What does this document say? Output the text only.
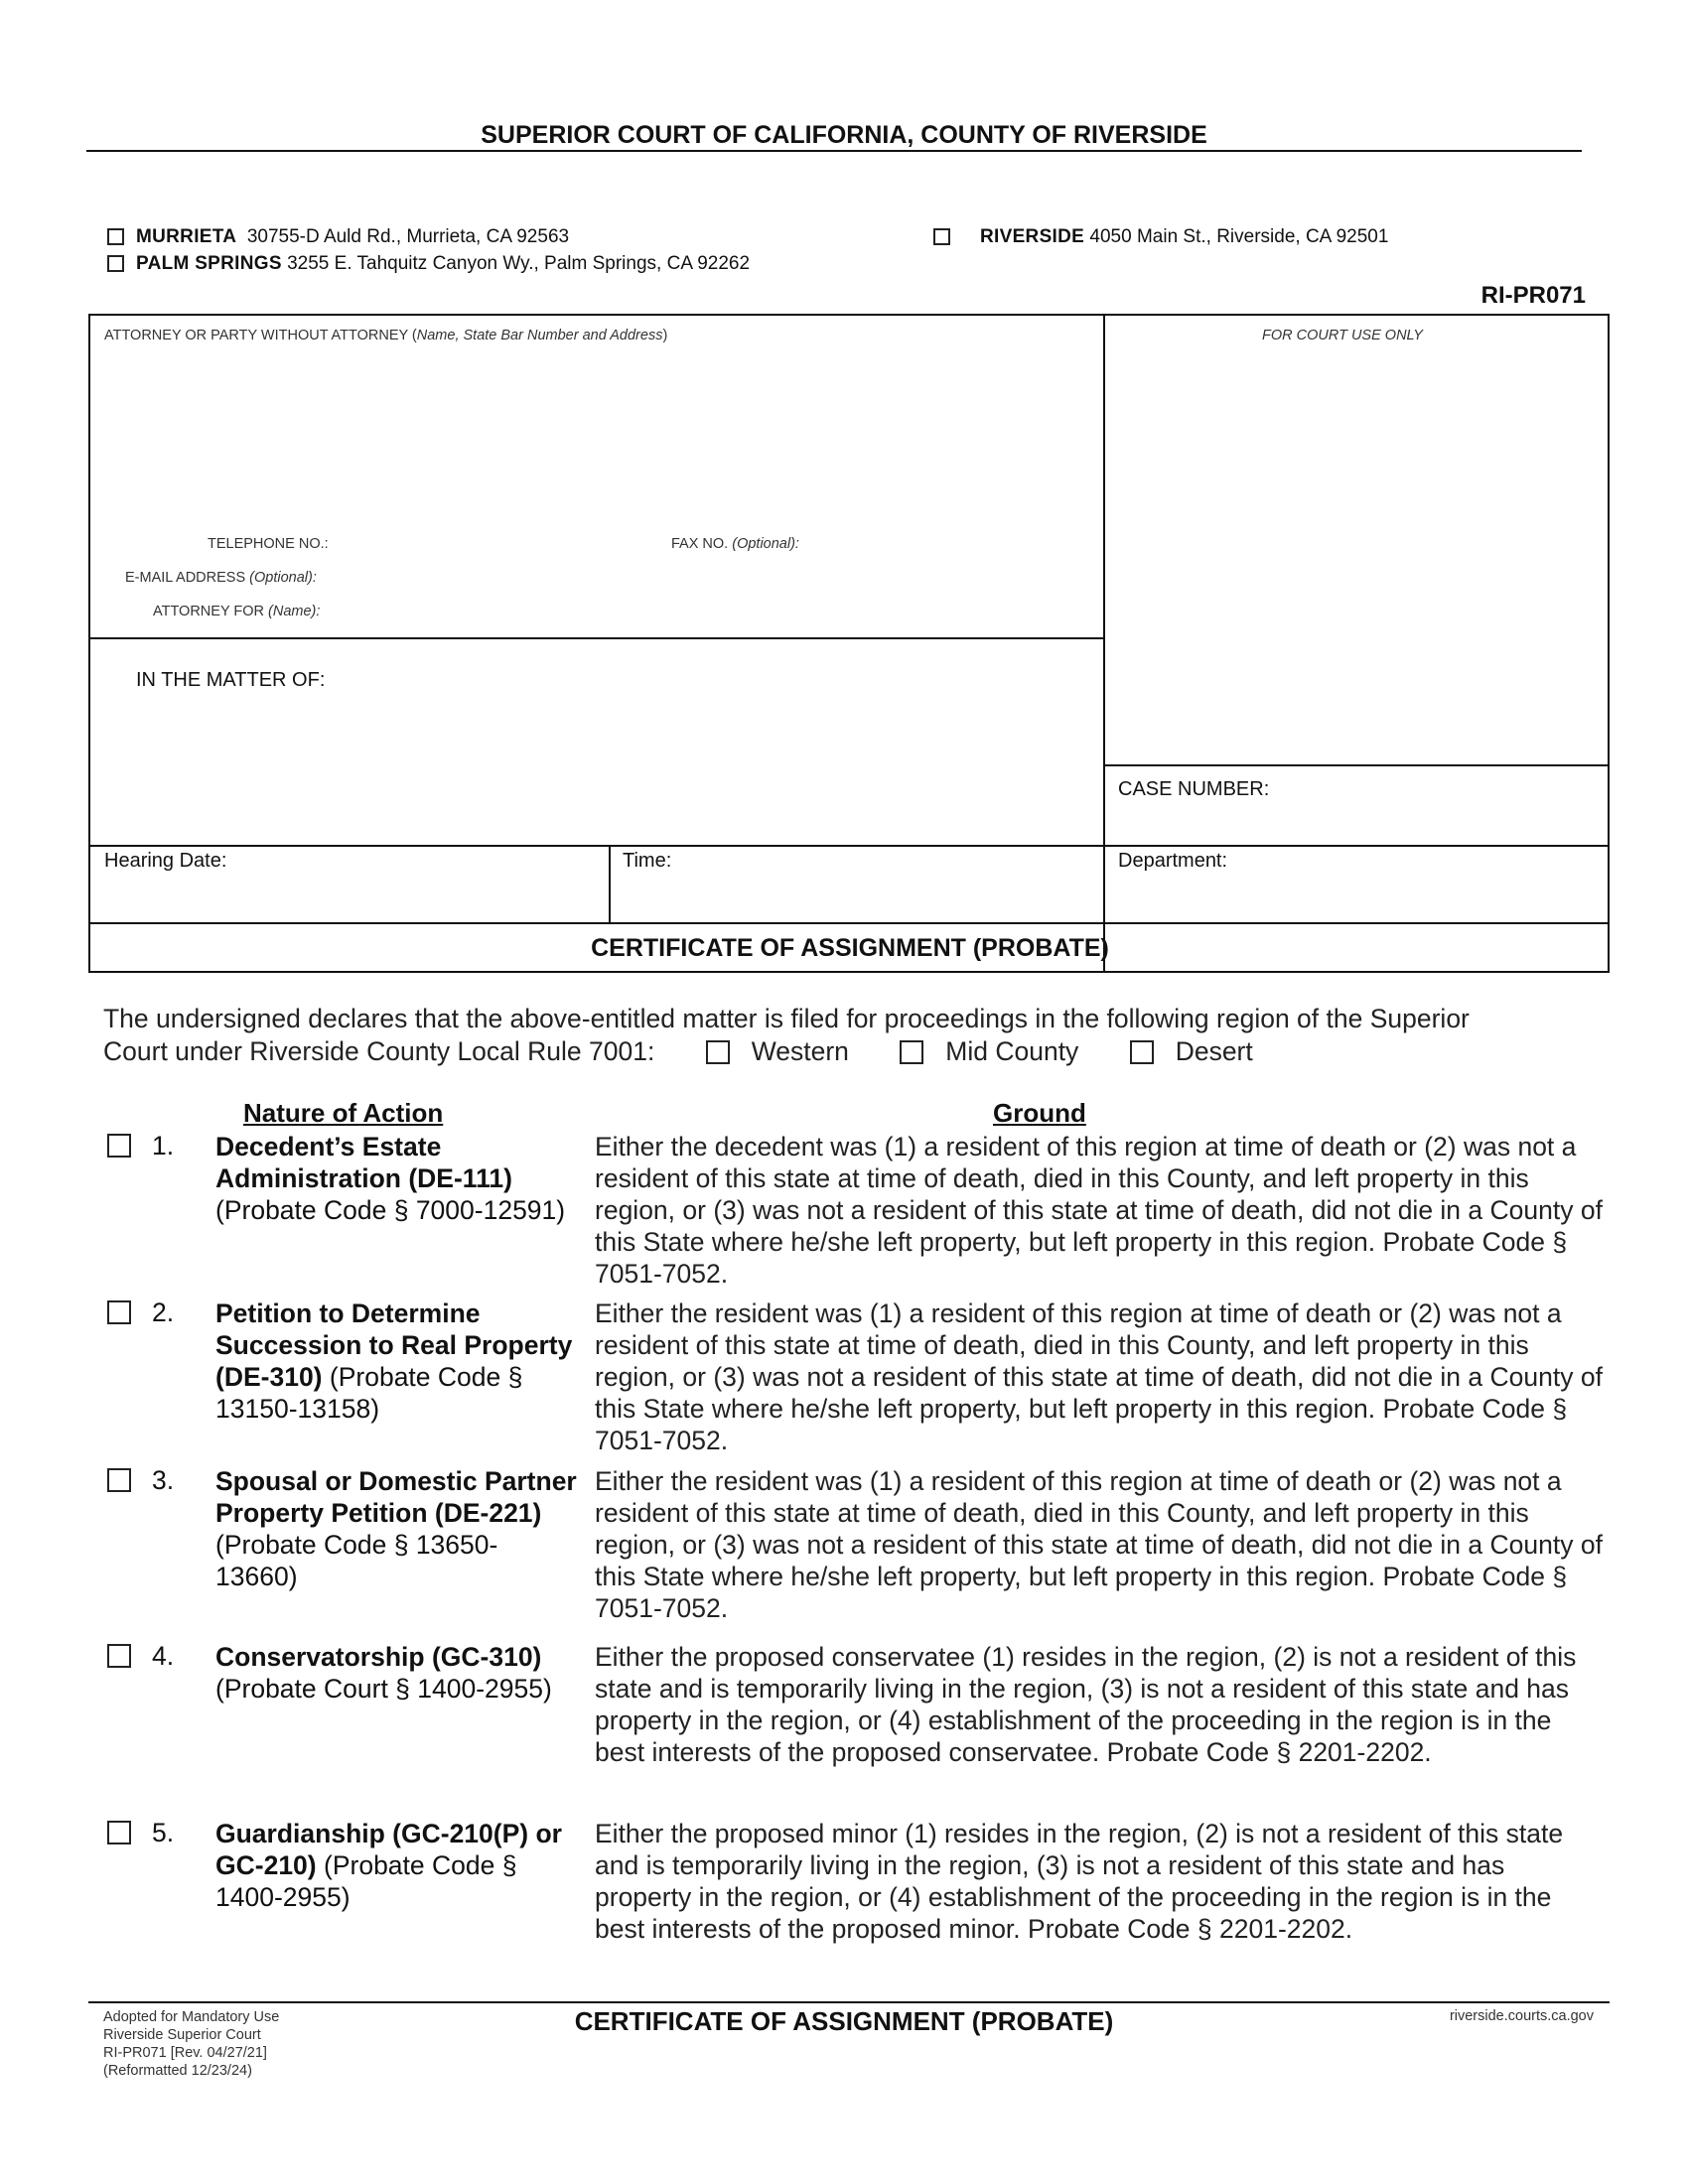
SUPERIOR COURT OF CALIFORNIA, COUNTY OF RIVERSIDE
MURRIETA 30755-D Auld Rd., Murrieta, CA 92563
PALM SPRINGS 3255 E. Tahquitz Canyon Wy., Palm Springs, CA 92262
RIVERSIDE 4050 Main St., Riverside, CA 92501
RI-PR071
ATTORNEY OR PARTY WITHOUT ATTORNEY (Name, State Bar Number and Address)	FOR COURT USE ONLY
TELEPHONE NO.:	FAX NO. (Optional):
E-MAIL ADDRESS (Optional):
ATTORNEY FOR (Name):
IN THE MATTER OF:
CASE NUMBER:
Hearing Date:	Time:	Department:
CERTIFICATE OF ASSIGNMENT (PROBATE)
The undersigned declares that the above-entitled matter is filed for proceedings in the following region of the Superior
Court under Riverside County Local Rule 7001:	Western	Mid County	Desert
Nature of Action	Ground
1. Decedent’s Estate Administration (DE-111) (Probate Code § 7000-12591)
Either the decedent was (1) a resident of this region at time of death or (2) was not a resident of this state at time of death, died in this County, and left property in this region, or (3) was not a resident of this state at time of death, did not die in a County of this State where he/she left property, but left property in this region. Probate Code § 7051-7052.
2. Petition to Determine Succession to Real Property (DE-310) (Probate Code § 13150-13158)
Either the resident was (1) a resident of this region at time of death or (2) was not a resident of this state at time of death, died in this County, and left property in this region, or (3) was not a resident of this state at time of death, did not die in a County of this State where he/she left property, but left property in this region. Probate Code § 7051-7052.
3. Spousal or Domestic Partner Property Petition (DE-221) (Probate Code § 13650-13660)
Either the resident was (1) a resident of this region at time of death or (2) was not a resident of this state at time of death, died in this County, and left property in this region, or (3) was not a resident of this state at time of death, did not die in a County of this State where he/she left property, but left property in this region. Probate Code § 7051-7052.
4. Conservatorship (GC-310) (Probate Court § 1400-2955)
Either the proposed conservatee (1) resides in the region, (2) is not a resident of this state and is temporarily living in the region, (3) is not a resident of this state and has property in the region, or (4) establishment of the proceeding in the region is in the best interests of the proposed conservatee. Probate Code § 2201-2202.
5. Guardianship (GC-210(P) or GC-210) (Probate Code § 1400-2955)
Either the proposed minor (1) resides in the region, (2) is not a resident of this state and is temporarily living in the region, (3) is not a resident of this state and has property in the region, or (4) establishment of the proceeding in the region is in the best interests of the proposed minor. Probate Code § 2201-2202.
Adopted for Mandatory Use
Riverside Superior Court
RI-PR071 [Rev. 04/27/21]
(Reformatted 12/23/24)
CERTIFICATE OF ASSIGNMENT (PROBATE)	riverside.courts.ca.gov
